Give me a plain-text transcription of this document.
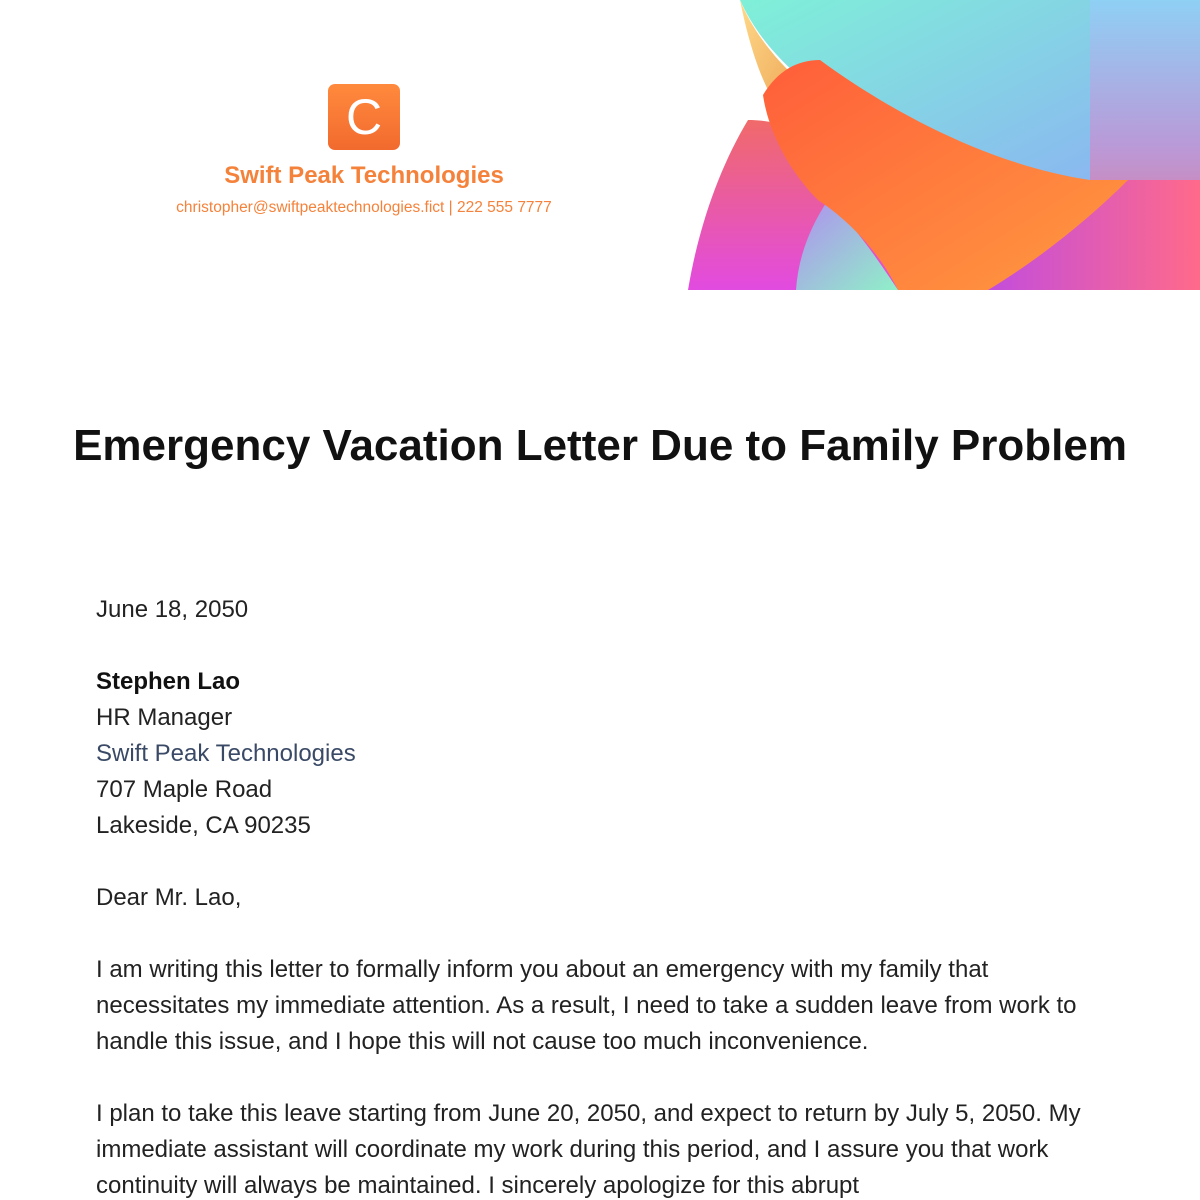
C
Swift Peak Technologies
christopher@swiftpeaktechnologies.fict | 222 555 7777
Emergency Vacation Letter Due to Family Problem

June 18, 2050

Stephen Lao
HR Manager
Swift Peak Technologies
707 Maple Road
Lakeside, CA 90235

Dear Mr. Lao,

I am writing this letter to formally inform you about an emergency with my family that necessitates my immediate attention. As a result, I need to take a sudden leave from work to handle this issue, and I hope this will not cause too much inconvenience.

I plan to take this leave starting from June 20, 2050, and expect to return by July 5, 2050. My immediate assistant will coordinate my work during this period, and I assure you that work continuity will always be maintained. I sincerely apologize for this abrupt
